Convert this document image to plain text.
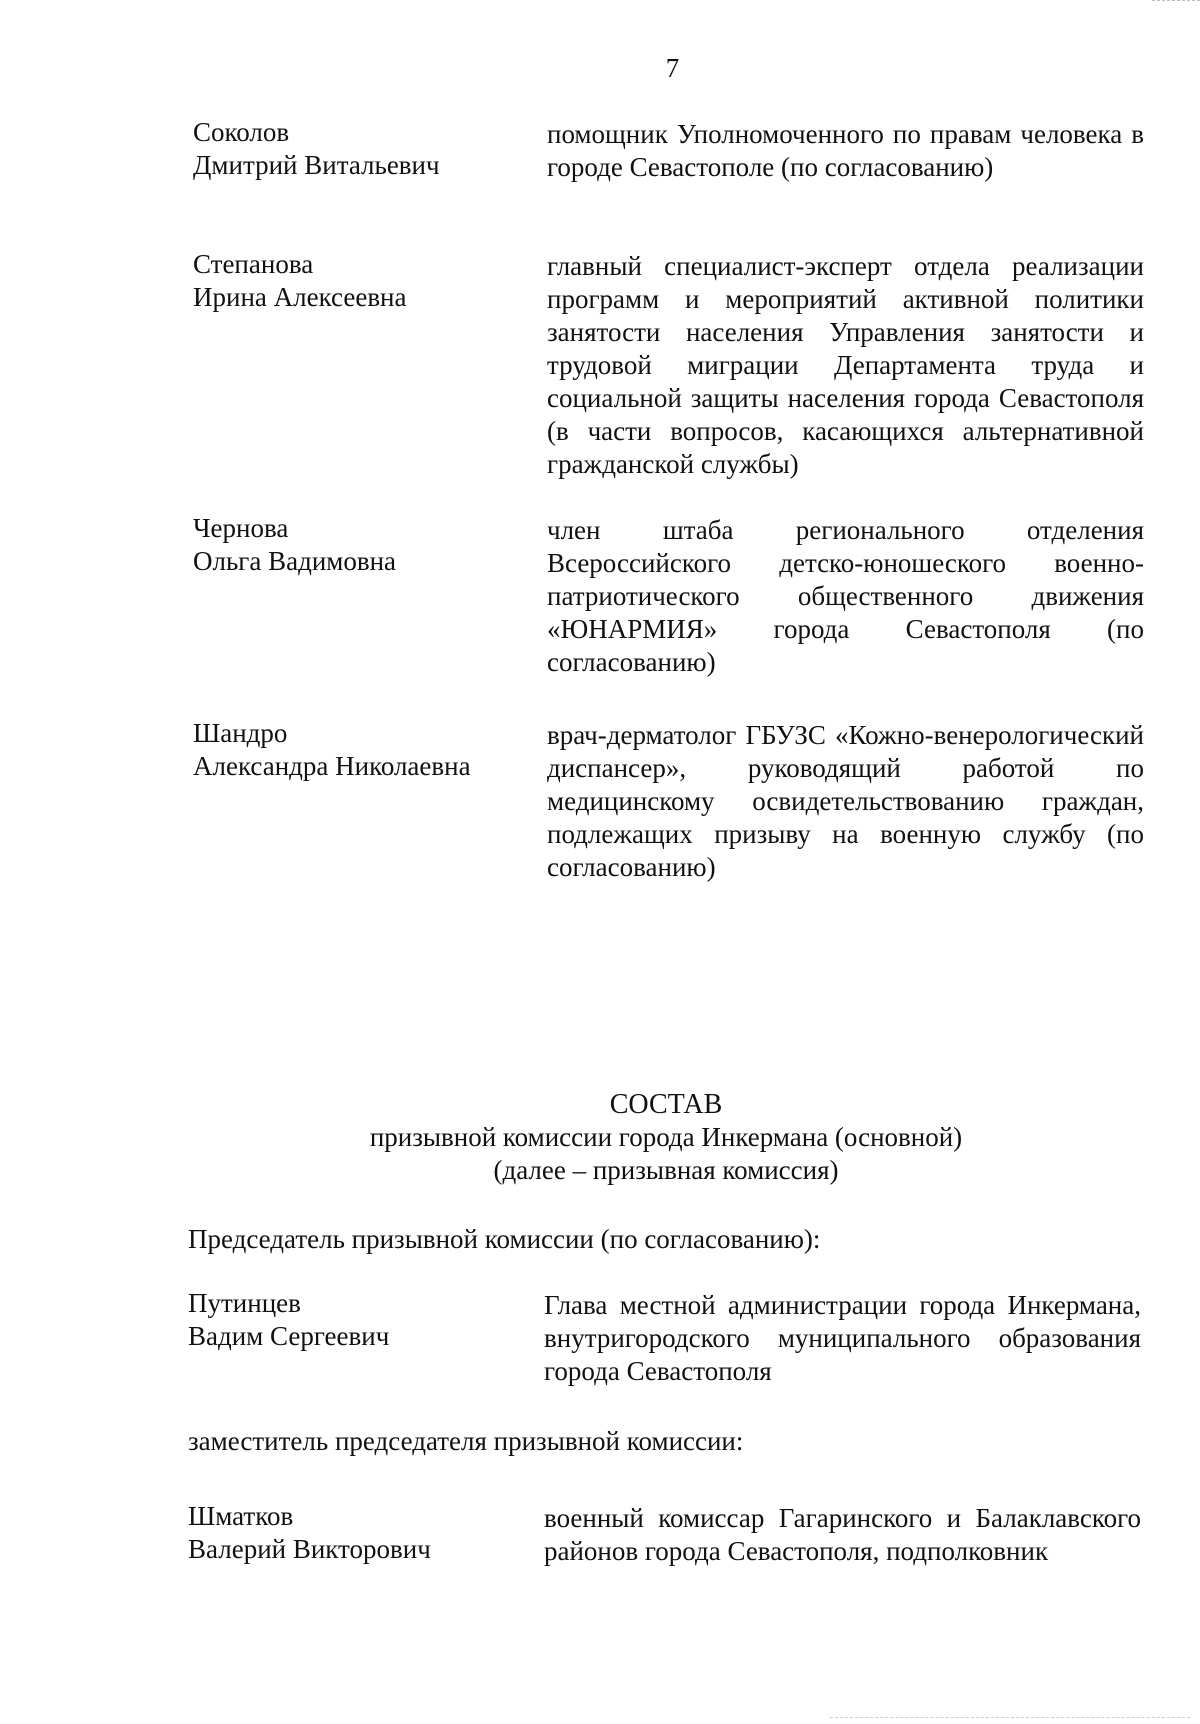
7
Соколов
Дмитрий Витальевич
помощник Уполномоченного по правам человека в городе Севастополе (по согласованию)
Степанова
Ирина Алексеевна
главный специалист-эксперт отдела реализации программ и мероприятий активной политики занятости населения Управления занятости и трудовой миграции Департамента труда и социальной защиты населения города Севастополя (в части вопросов, касающихся альтернативной гражданской службы)
Чернова
Ольга Вадимовна
член штаба регионального отделения Всероссийского детско-юношеского военно-патриотического общественного движения «ЮНАРМИЯ» города Севастополя (по согласованию)
Шандро
Александра Николаевна
врач-дерматолог ГБУЗС «Кожно-венерологический диспансер», руководящий работой по медицинскому освидетельствованию граждан, подлежащих призыву на военную службу (по согласованию)
СОСТАВ
призывной комиссии города Инкермана (основной)
(далее – призывная комиссия)
Председатель призывной комиссии (по согласованию):
Путинцев
Вадим Сергеевич
Глава местной администрации города Инкермана, внутригородского муниципального образования города Севастополя
заместитель председателя призывной комиссии:
Шматков
Валерий Викторович
военный комиссар Гагаринского и Балаклавского районов города Севастополя, подполковник
